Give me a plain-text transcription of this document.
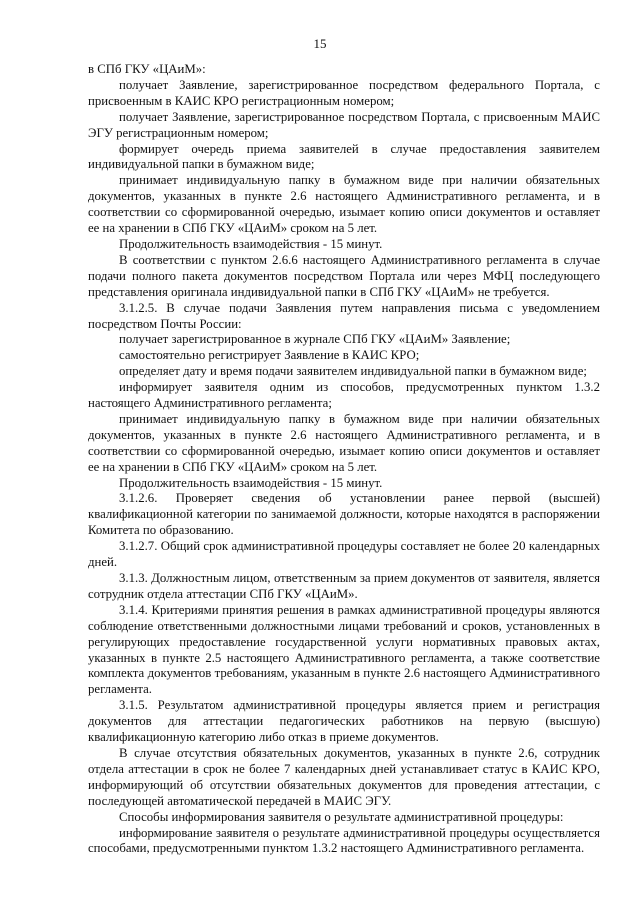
15

в СПб ГКУ «ЦАиМ»:

получает Заявление, зарегистрированное посредством федерального Портала, с присвоенным в КАИС КРО регистрационным номером;

получает Заявление, зарегистрированное посредством Портала, с присвоенным МАИС ЭГУ регистрационным номером;

формирует очередь приема заявителей в случае предоставления заявителем индивидуальной папки в бумажном виде;

принимает индивидуальную папку в бумажном виде при наличии обязательных документов, указанных в пункте 2.6 настоящего Административного регламента, и в соответствии со сформированной очередью, изымает копию описи документов и оставляет ее на хранении в СПб ГКУ «ЦАиМ» сроком на 5 лет.

Продолжительность взаимодействия - 15 минут.

В соответствии с пунктом 2.6.6 настоящего Административного регламента в случае подачи полного пакета документов посредством Портала или через МФЦ последующего представления оригинала индивидуальной папки в СПб ГКУ «ЦАиМ» не требуется.

3.1.2.5. В случае подачи Заявления путем направления письма с уведомлением посредством Почты России:

получает зарегистрированное в журнале СПб ГКУ «ЦАиМ» Заявление;

самостоятельно регистрирует Заявление в КАИС КРО;

определяет дату и время подачи заявителем индивидуальной папки в бумажном виде;

информирует заявителя одним из способов, предусмотренных пунктом 1.3.2 настоящего Административного регламента;

принимает индивидуальную папку в бумажном виде при наличии обязательных документов, указанных в пункте 2.6 настоящего Административного регламента, и в соответствии со сформированной очередью, изымает копию описи документов и оставляет ее на хранении в СПб ГКУ «ЦАиМ» сроком на 5 лет.

Продолжительность взаимодействия - 15 минут.

3.1.2.6. Проверяет сведения об установлении ранее первой (высшей) квалификационной категории по занимаемой должности, которые находятся в распоряжении Комитета по образованию.

3.1.2.7. Общий срок административной процедуры составляет не более 20 календарных дней.

3.1.3. Должностным лицом, ответственным за прием документов от заявителя, является сотрудник отдела аттестации СПб ГКУ «ЦАиМ».

3.1.4. Критериями принятия решения в рамках административной процедуры являются соблюдение ответственными должностными лицами требований и сроков, установленных в регулирующих предоставление государственной услуги нормативных правовых актах, указанных в пункте 2.5 настоящего Административного регламента, а также соответствие комплекта документов требованиям, указанным в пункте 2.6 настоящего Административного регламента.

3.1.5. Результатом административной процедуры является прием и регистрация документов для аттестации педагогических работников на первую (высшую) квалификационную категорию либо отказ в приеме документов.

В случае отсутствия обязательных документов, указанных в пункте 2.6, сотрудник отдела аттестации в срок не более 7 календарных дней устанавливает статус в КАИС КРО, информирующий об отсутствии обязательных документов для проведения аттестации, с последующей автоматической передачей в МАИС ЭГУ.

Способы информирования заявителя о результате административной процедуры:

информирование заявителя о результате административной процедуры осуществляется способами, предусмотренными пунктом 1.3.2 настоящего Административного регламента.
